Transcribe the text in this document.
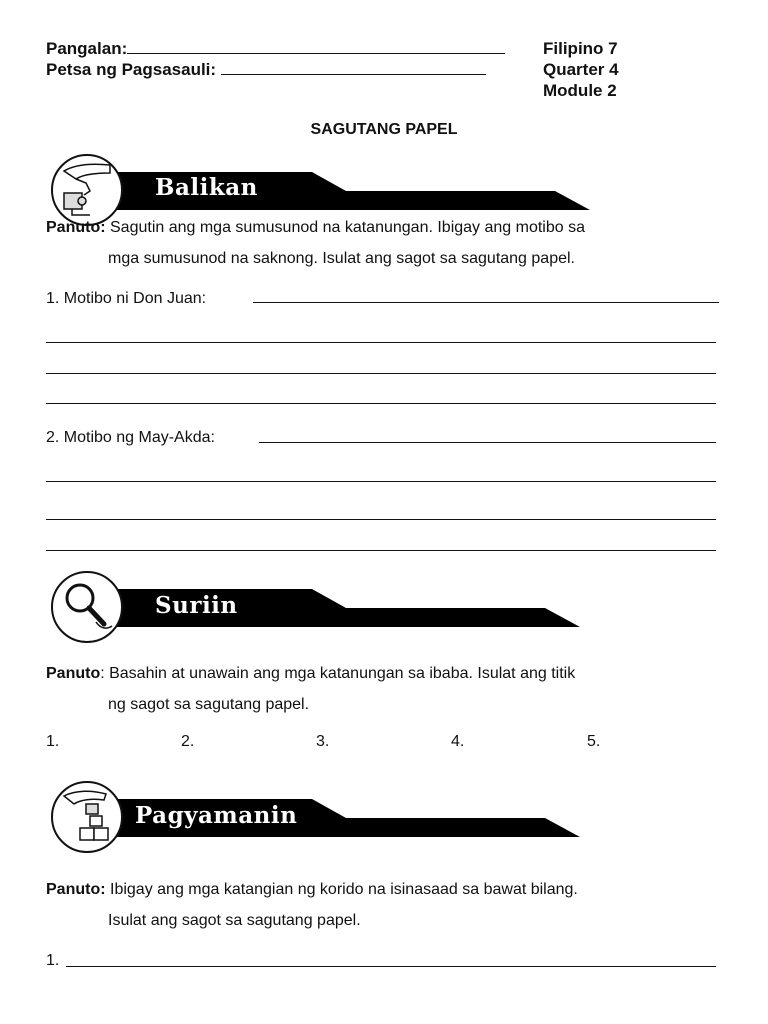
Pangalan:
Petsa ng Pagsasauli:
Filipino 7
Quarter 4
Module 2
SAGUTANG PAPEL
Balikan
Panuto: Sagutin ang mga sumusunod na katanungan. Ibigay ang motibo sa
mga sumusunod na saknong. Isulat ang sagot sa sagutang papel.
1. Motibo ni Don Juan:
2. Motibo ng May-Akda:
Suriin
Panuto: Basahin at unawain ang mga katanungan sa ibaba. Isulat ang titik
ng sagot sa sagutang papel.
1.	2.	3.	4.	5.
Pagyamanin
Panuto: Ibigay ang mga katangian ng korido na isinasaad sa bawat bilang.
Isulat ang sagot sa sagutang papel.
1.
